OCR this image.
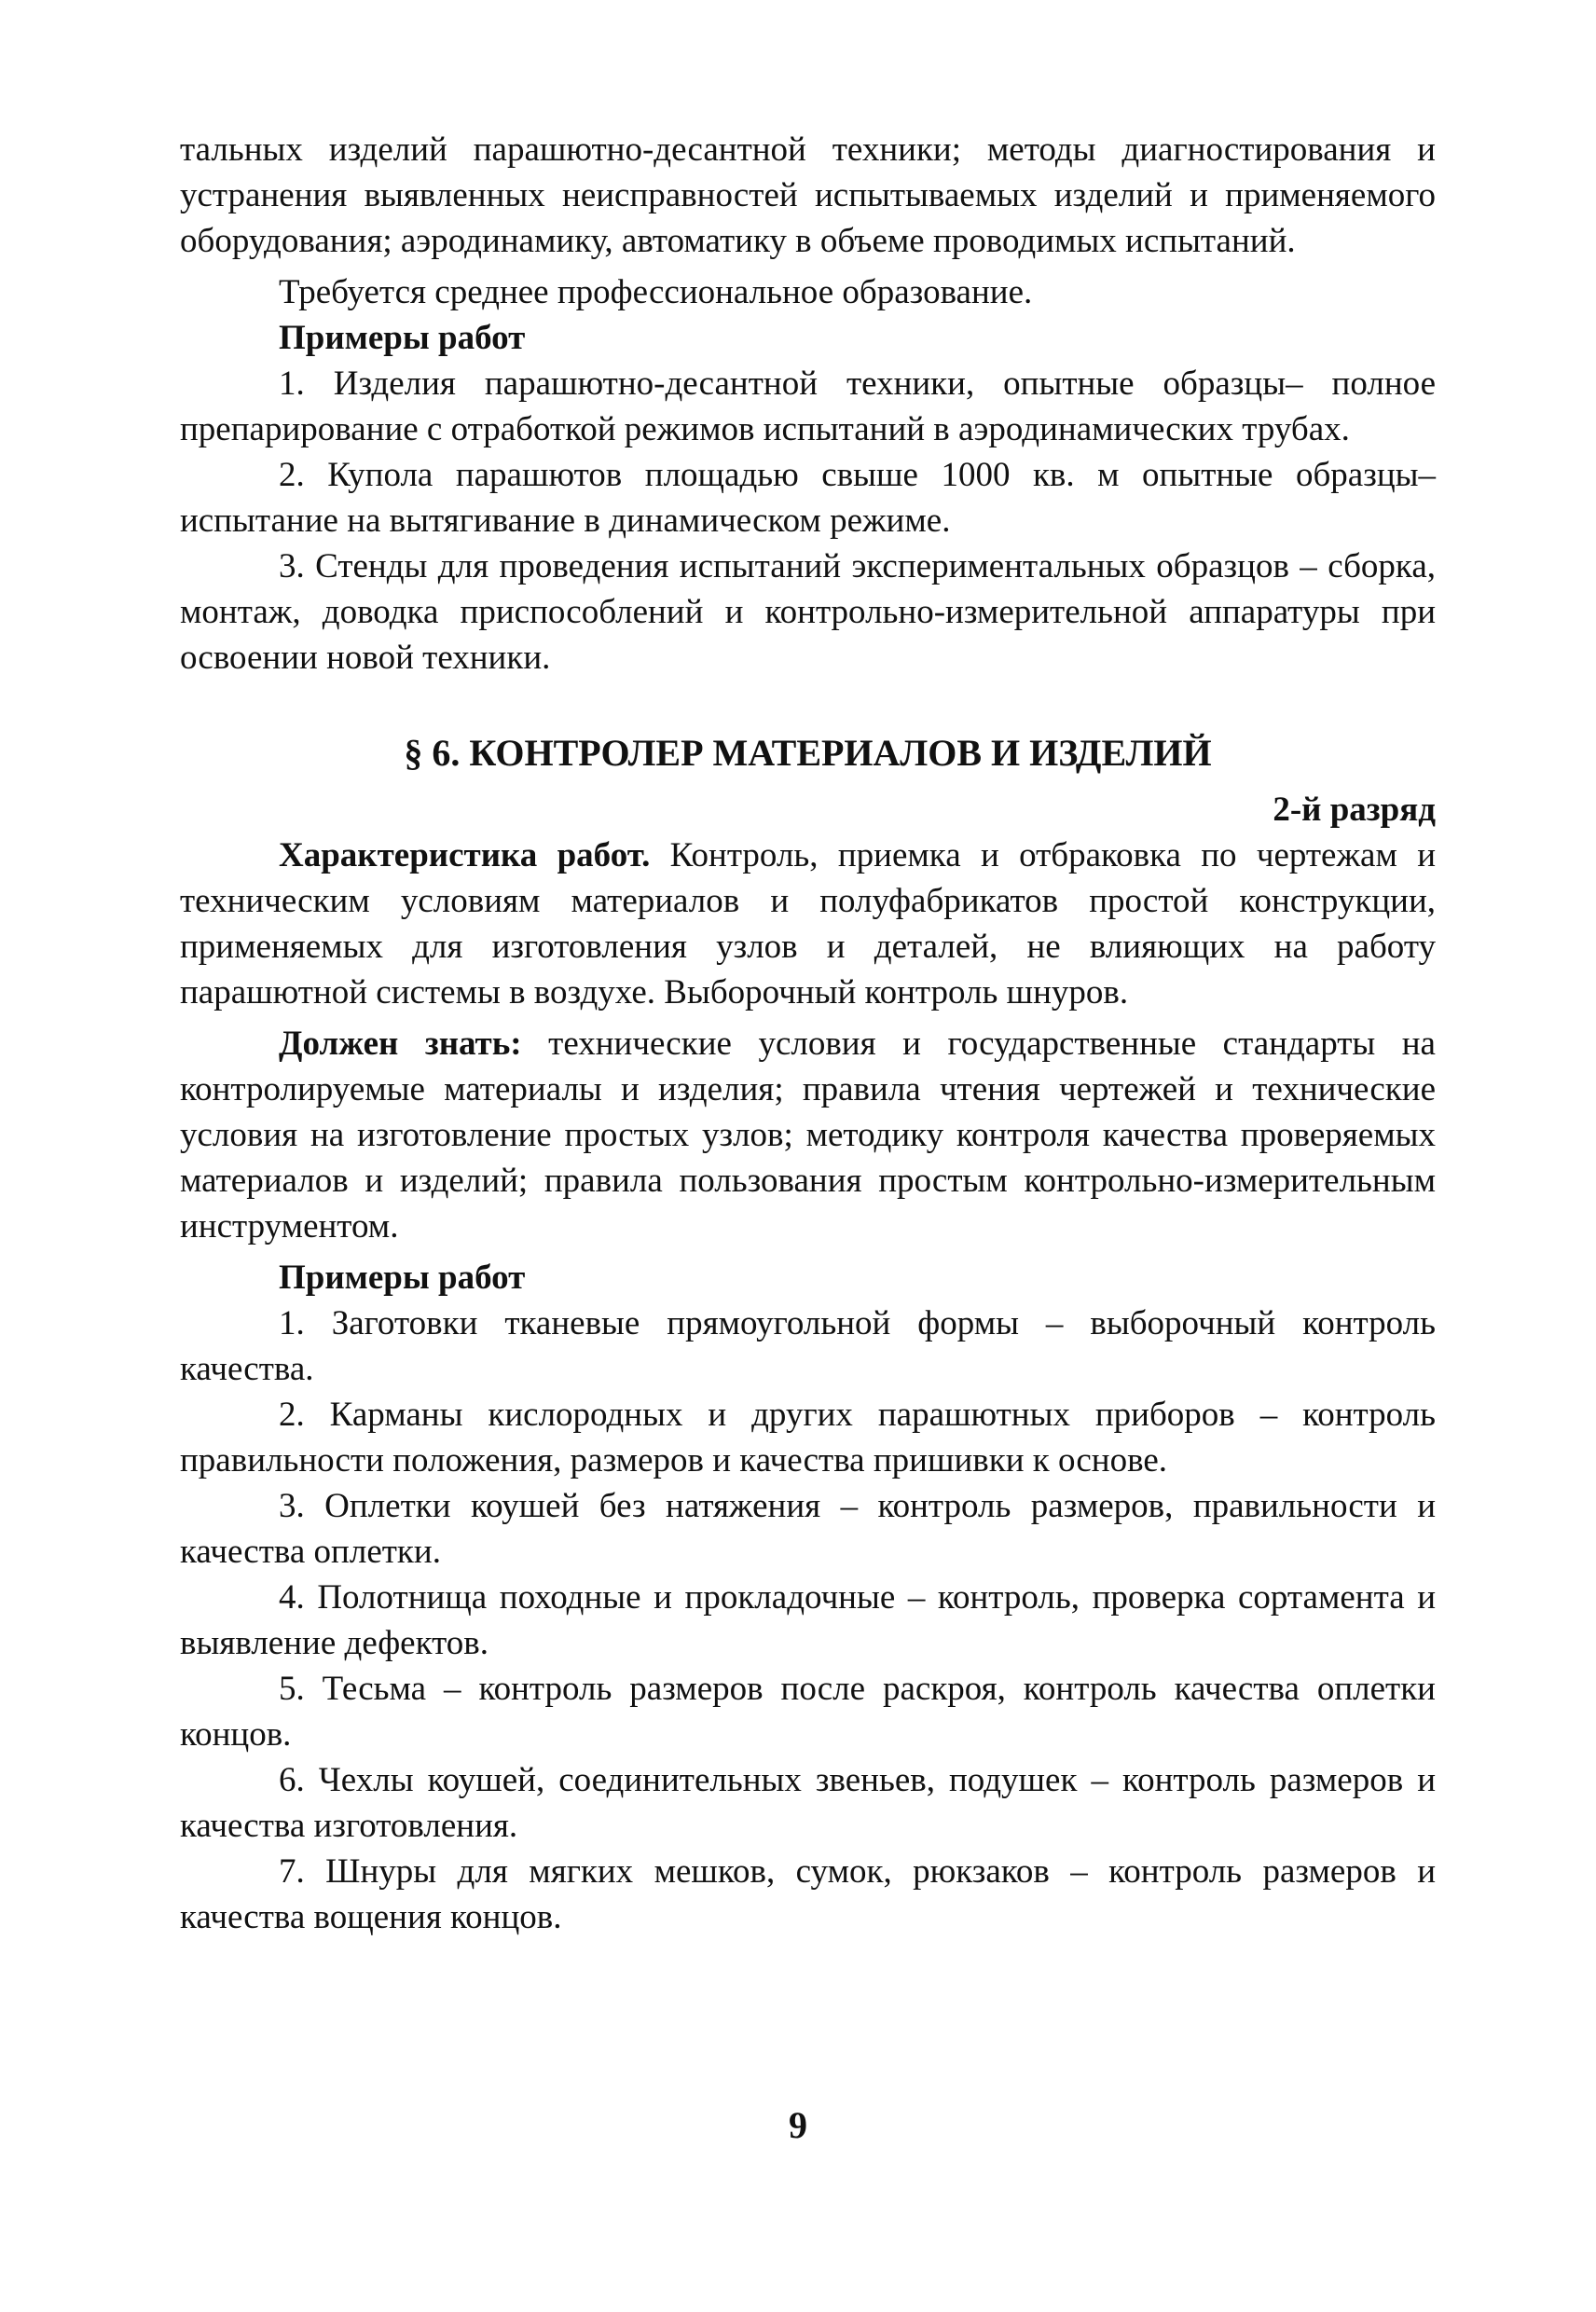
тальных изделий парашютно-десантной техники; методы диагностирования и устранения выявленных неисправностей испытываемых изделий и применяемого оборудования; аэродинамику, автоматику в объеме проводимых испытаний.

Требуется среднее профессиональное образование.

Примеры работ

1. Изделия парашютно-десантной техники, опытные образцы– полное препарирование с отработкой режимов испытаний в аэродинамических трубах.

2. Купола парашютов площадью свыше 1000 кв. м опытные образцы– испытание на вытягивание в динамическом режиме.

3. Стенды для проведения испытаний экспериментальных образцов – сборка, монтаж, доводка приспособлений и контрольно-измерительной аппаратуры при освоении новой техники.

§ 6. КОНТРОЛЕР МАТЕРИАЛОВ И ИЗДЕЛИЙ

2-й разряд

Характеристика работ. Контроль, приемка и отбраковка по чертежам и техническим условиям материалов и полуфабрикатов простой конструкции, применяемых для изготовления узлов и деталей, не влияющих на работу парашютной системы в воздухе. Выборочный контроль шнуров.

Должен знать: технические условия и государственные стандарты на контролируемые материалы и изделия; правила чтения чертежей и технические условия на изготовление простых узлов; методику контроля качества проверяемых материалов и изделий; правила пользования простым контрольно-измерительным инструментом.

Примеры работ

1. Заготовки тканевые прямоугольной формы – выборочный контроль качества.

2. Карманы кислородных и других парашютных приборов – контроль правильности положения, размеров и качества пришивки к основе.

3. Оплетки коушей без натяжения – контроль размеров, правильности и качества оплетки.

4. Полотнища походные и прокладочные – контроль, проверка сортамента и выявление дефектов.

5. Тесьма – контроль размеров после раскроя, контроль качества оплетки концов.

6. Чехлы коушей, соединительных звеньев, подушек – контроль размеров и качества изготовления.

7. Шнуры для мягких мешков, сумок, рюкзаков – контроль размеров и качества вощения концов.

9
